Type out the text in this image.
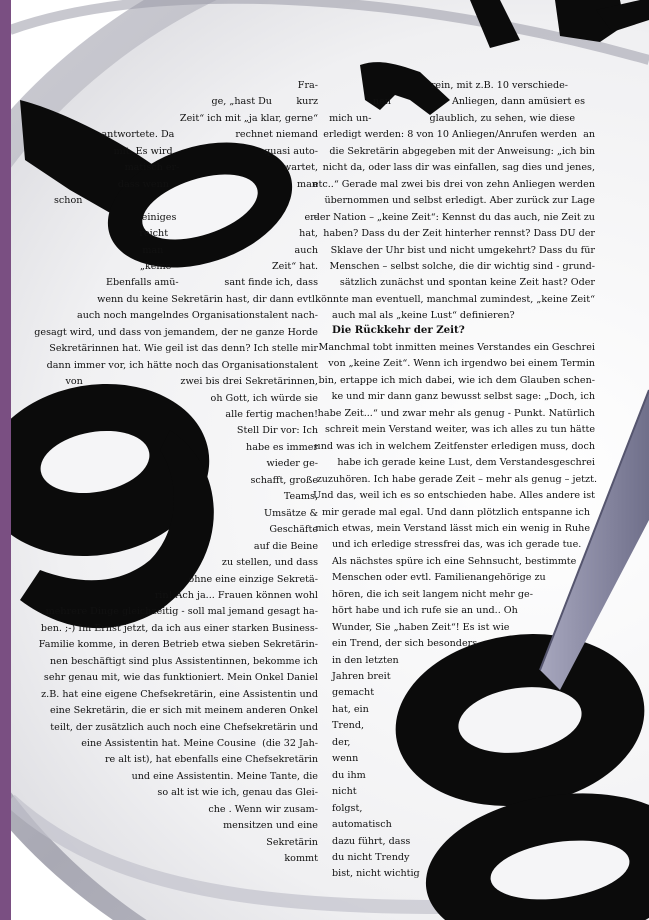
Fra-
ge, „hast Du        kurz
Zeit“ ich mit „ja klar, gerne“
antwortete. Da                    rechnet niemand
mit. Es wird                              quasi auto-
matisch er-                                  wartet,
dass wenn                                          man
schon
einiges                                          er-
reicht                                           hat,
man                                           auch
„keine                                 Zeit“ hat.
Ebenfalls amü-               sant finde ich, dass
wenn du keine Sekretärin hast, dir dann evtl.
auch noch mangelndes Organisationstalent nach-
gesagt wird, und dass von jemandem, der ne ganze Horde
Sekretärinnen hat. Wie geil ist das denn? Ich stelle mir
dann immer vor, ich hätte noch das Organisationstalent
von                                zwei bis drei Sekretärinnen,
oh Gott, ich würde sie
alle fertig machen!
Stell Dir vor: Ich
habe es immer
wieder ge-
schafft, große
Teams,
Umsätze &
Geschäfte
auf die Beine
zu stellen, und dass
ohne eine einzige Sekretä-
rin! Ach ja... Frauen können wohl
mehrere Dinge gleichzeitig - soll mal jemand gesagt ha-
ben. ;-) Im Ernst jetzt, da ich aus einer starken Business-
Familie komme, in deren Betrieb etwa sieben Sekretärin-
nen beschäftigt sind plus Assistentinnen, bekomme ich
sehr genau mit, wie das funktioniert. Mein Onkel Daniel
z.B. hat eine eigene Chefsekretärin, eine Assistentin und
eine Sekretärin, die er sich mit meinem anderen Onkel
teilt, der zusätzlich auch noch eine Chefsekretärin und
eine Assistentin hat. Meine Cousine  (die 32 Jah-
re alt ist), hat ebenfalls eine Chefsekretärin
und eine Assistentin. Meine Tante, die
so alt ist wie ich, genau das Glei-
che . Wenn wir zusam-
mensitzen und eine
Sekretärin
kommt
rein, mit z.B. 10 verschiede-
nen                    Anliegen, dann amüsiert es
mich un-                   glaublich, zu sehen, wie diese
erledigt werden: 8 von 10 Anliegen/Anrufen werden  an
die Sekretärin abgegeben mit der Anweisung: „ich bin
nicht da, oder lass dir was einfallen, sag dies und jenes,
etc..“ Gerade mal zwei bis drei von zehn Anliegen werden
übernommen und selbst erledigt. Aber zurück zur Lage
der Nation – „keine Zeit“: Kennst du das auch, nie Zeit zu
haben? Dass du der Zeit hinterher rennst? Dass DU der
Sklave der Uhr bist und nicht umgekehrt? Dass du für
Menschen – selbst solche, die dir wichtig sind - grund-
sätzlich zunächst und spontan keine Zeit hast? Oder
könnte man eventuell, manchmal zumindest, „keine Zeit“
auch mal als „keine Lust“ definieren?
Die Rückkehr der Zeit?
Manchmal tobt inmitten meines Verstandes ein Geschrei
von „keine Zeit“. Wenn ich irgendwo bei einem Termin
bin, ertappe ich mich dabei, wie ich dem Glauben schen-
ke und mir dann ganz bewusst selbst sage: „Doch, ich
habe Zeit...“ und zwar mehr als genug - Punkt. Natürlich
schreit mein Verstand weiter, was ich alles zu tun hätte
und was ich in welchem Zeitfenster erledigen muss, doch
habe ich gerade keine Lust, dem Verstandesgeschrei
zuzuhören. Ich habe gerade Zeit – mehr als genug – jetzt.
Und das, weil ich es so entschieden habe. Alles andere ist
mir gerade mal egal. Und dann plötzlich entspanne ich
mich etwas, mein Verstand lässt mich ein wenig in Ruhe
und ich erledige stressfrei das, was ich gerade tue.
Als nächstes spüre ich eine Sehnsucht, bestimmte
Menschen oder evtl. Familienangehörige zu
hören, die ich seit langem nicht mehr ge-
hört habe und ich rufe sie an und.. Oh
Wunder, Sie „haben Zeit“! Es ist wie
ein Trend, der sich besonders
in den letzten
Jahren breit
gemacht
hat, ein
Trend,
der,
wenn
du ihm
nicht
folgst,
automatisch
dazu führt, dass
du nicht Trendy
bist, nicht wichtig
